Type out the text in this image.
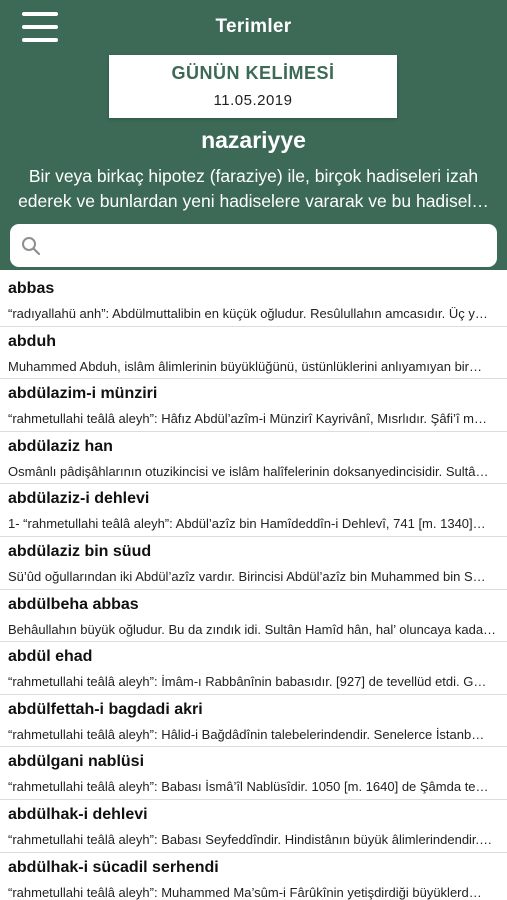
Terimler
GÜNÜN KELİMESİ
11.05.2019
nazariyye
Bir veya birkaç hipotez (faraziye) ile, birçok hadiseleri izah
ederek ve bunlardan yeni hadiselere vararak ve bu hadisel…
abbas
“radıyallahü anh”: Abdülmuttalibin en küçük oğludur. Resûlullahın amcasıdır. Üç y…
abduh
Muhammed Abduh, islâm âlimlerinin büyüklüğünü, üstünlüklerini anlıyamıyan bir…
abdülazim-i münziri
“rahmetullahi teâlâ aleyh”: Hâfız Abdül’azîm-i Münzirî Kayrivânî, Mısrlıdır. Şâfi’î m…
abdülaziz han
Osmânlı pâdişâhlarının otuzikincisi ve islâm halîfelerinin doksanyedincisidir. Sultâ…
abdülaziz-i dehlevi
1- “rahmetullahi teâlâ aleyh”: Abdül’azîz bin Hamîdeddîn-i Dehlevî, 741 [m. 1340]…
abdülaziz bin süud
Sü’ûd oğullarından iki Abdül’azîz vardır. Birincisi Abdül’azîz bin Muhammed bin S…
abdülbeha abbas
Behâullahın büyük oğludur. Bu da zındık idi. Sultân Hamîd hân, hal’ oluncaya kada…
abdül ehad
“rahmetullahi teâlâ aleyh”: İmâm-ı Rabbânînin babasıdır. [927] de tevellüd etdi. G…
abdülfettah-i bagdadi akri
“rahmetullahi teâlâ aleyh”: Hâlid-i Bağdâdînin talebelerindendir. Senelerce İstanb…
abdülgani nablüsi
“rahmetullahi teâlâ aleyh”: Babası İsmâ’îl Nablüsîdir. 1050 [m. 1640] de Şâmda te…
abdülhak-i dehlevi
“rahmetullahi teâlâ aleyh”: Babası Seyfeddîndir. Hindistânın büyük âlimlerindendir.…
abdülhak-i sücadil serhendi
“rahmetullahi teâlâ aleyh”: Muhammed Ma’sûm-i Fârûkînin yetişdirdiği büyüklerd…
